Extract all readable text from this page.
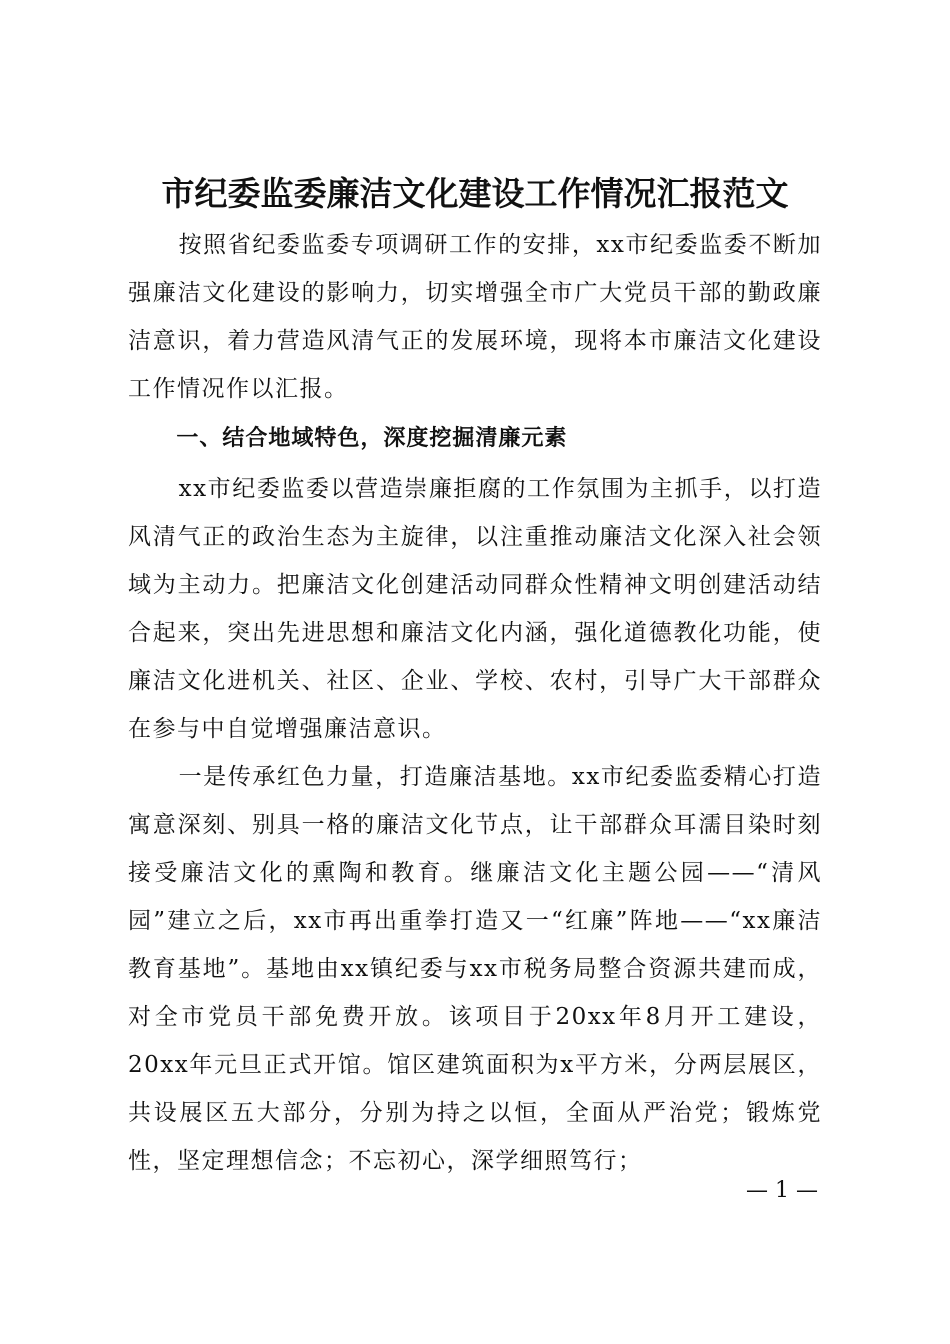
市纪委监委廉洁文化建设工作情况汇报范文

按照省纪委监委专项调研工作的安排，xx市纪委监委不断加强廉洁文化建设的影响力，切实增强全市广大党员干部的勤政廉洁意识，着力营造风清气正的发展环境，现将本市廉洁文化建设工作情况作以汇报。

一、结合地域特色，深度挖掘清廉元素

xx市纪委监委以营造崇廉拒腐的工作氛围为主抓手，以打造风清气正的政治生态为主旋律，以注重推动廉洁文化深入社会领域为主动力。把廉洁文化创建活动同群众性精神文明创建活动结合起来，突出先进思想和廉洁文化内涵，强化道德教化功能，使廉洁文化进机关、社区、企业、学校、农村，引导广大干部群众在参与中自觉增强廉洁意识。

一是传承红色力量，打造廉洁基地。xx市纪委监委精心打造寓意深刻、别具一格的廉洁文化节点，让干部群众耳濡目染时刻接受廉洁文化的熏陶和教育。继廉洁文化主题公园——“清风园”建立之后，xx市再出重拳打造又一“红廉”阵地——“xx廉洁教育基地”。基地由xx镇纪委与xx市税务局整合资源共建而成，对全市党员干部免费开放。该项目于20xx年8月开工建设，20xx年元旦正式开馆。馆区建筑面积为x平方米，分两层展区，共设展区五大部分，分别为持之以恒，全面从严治党；锻炼党性，坚定理想信念；不忘初心，深学细照笃行；

— 1 —
